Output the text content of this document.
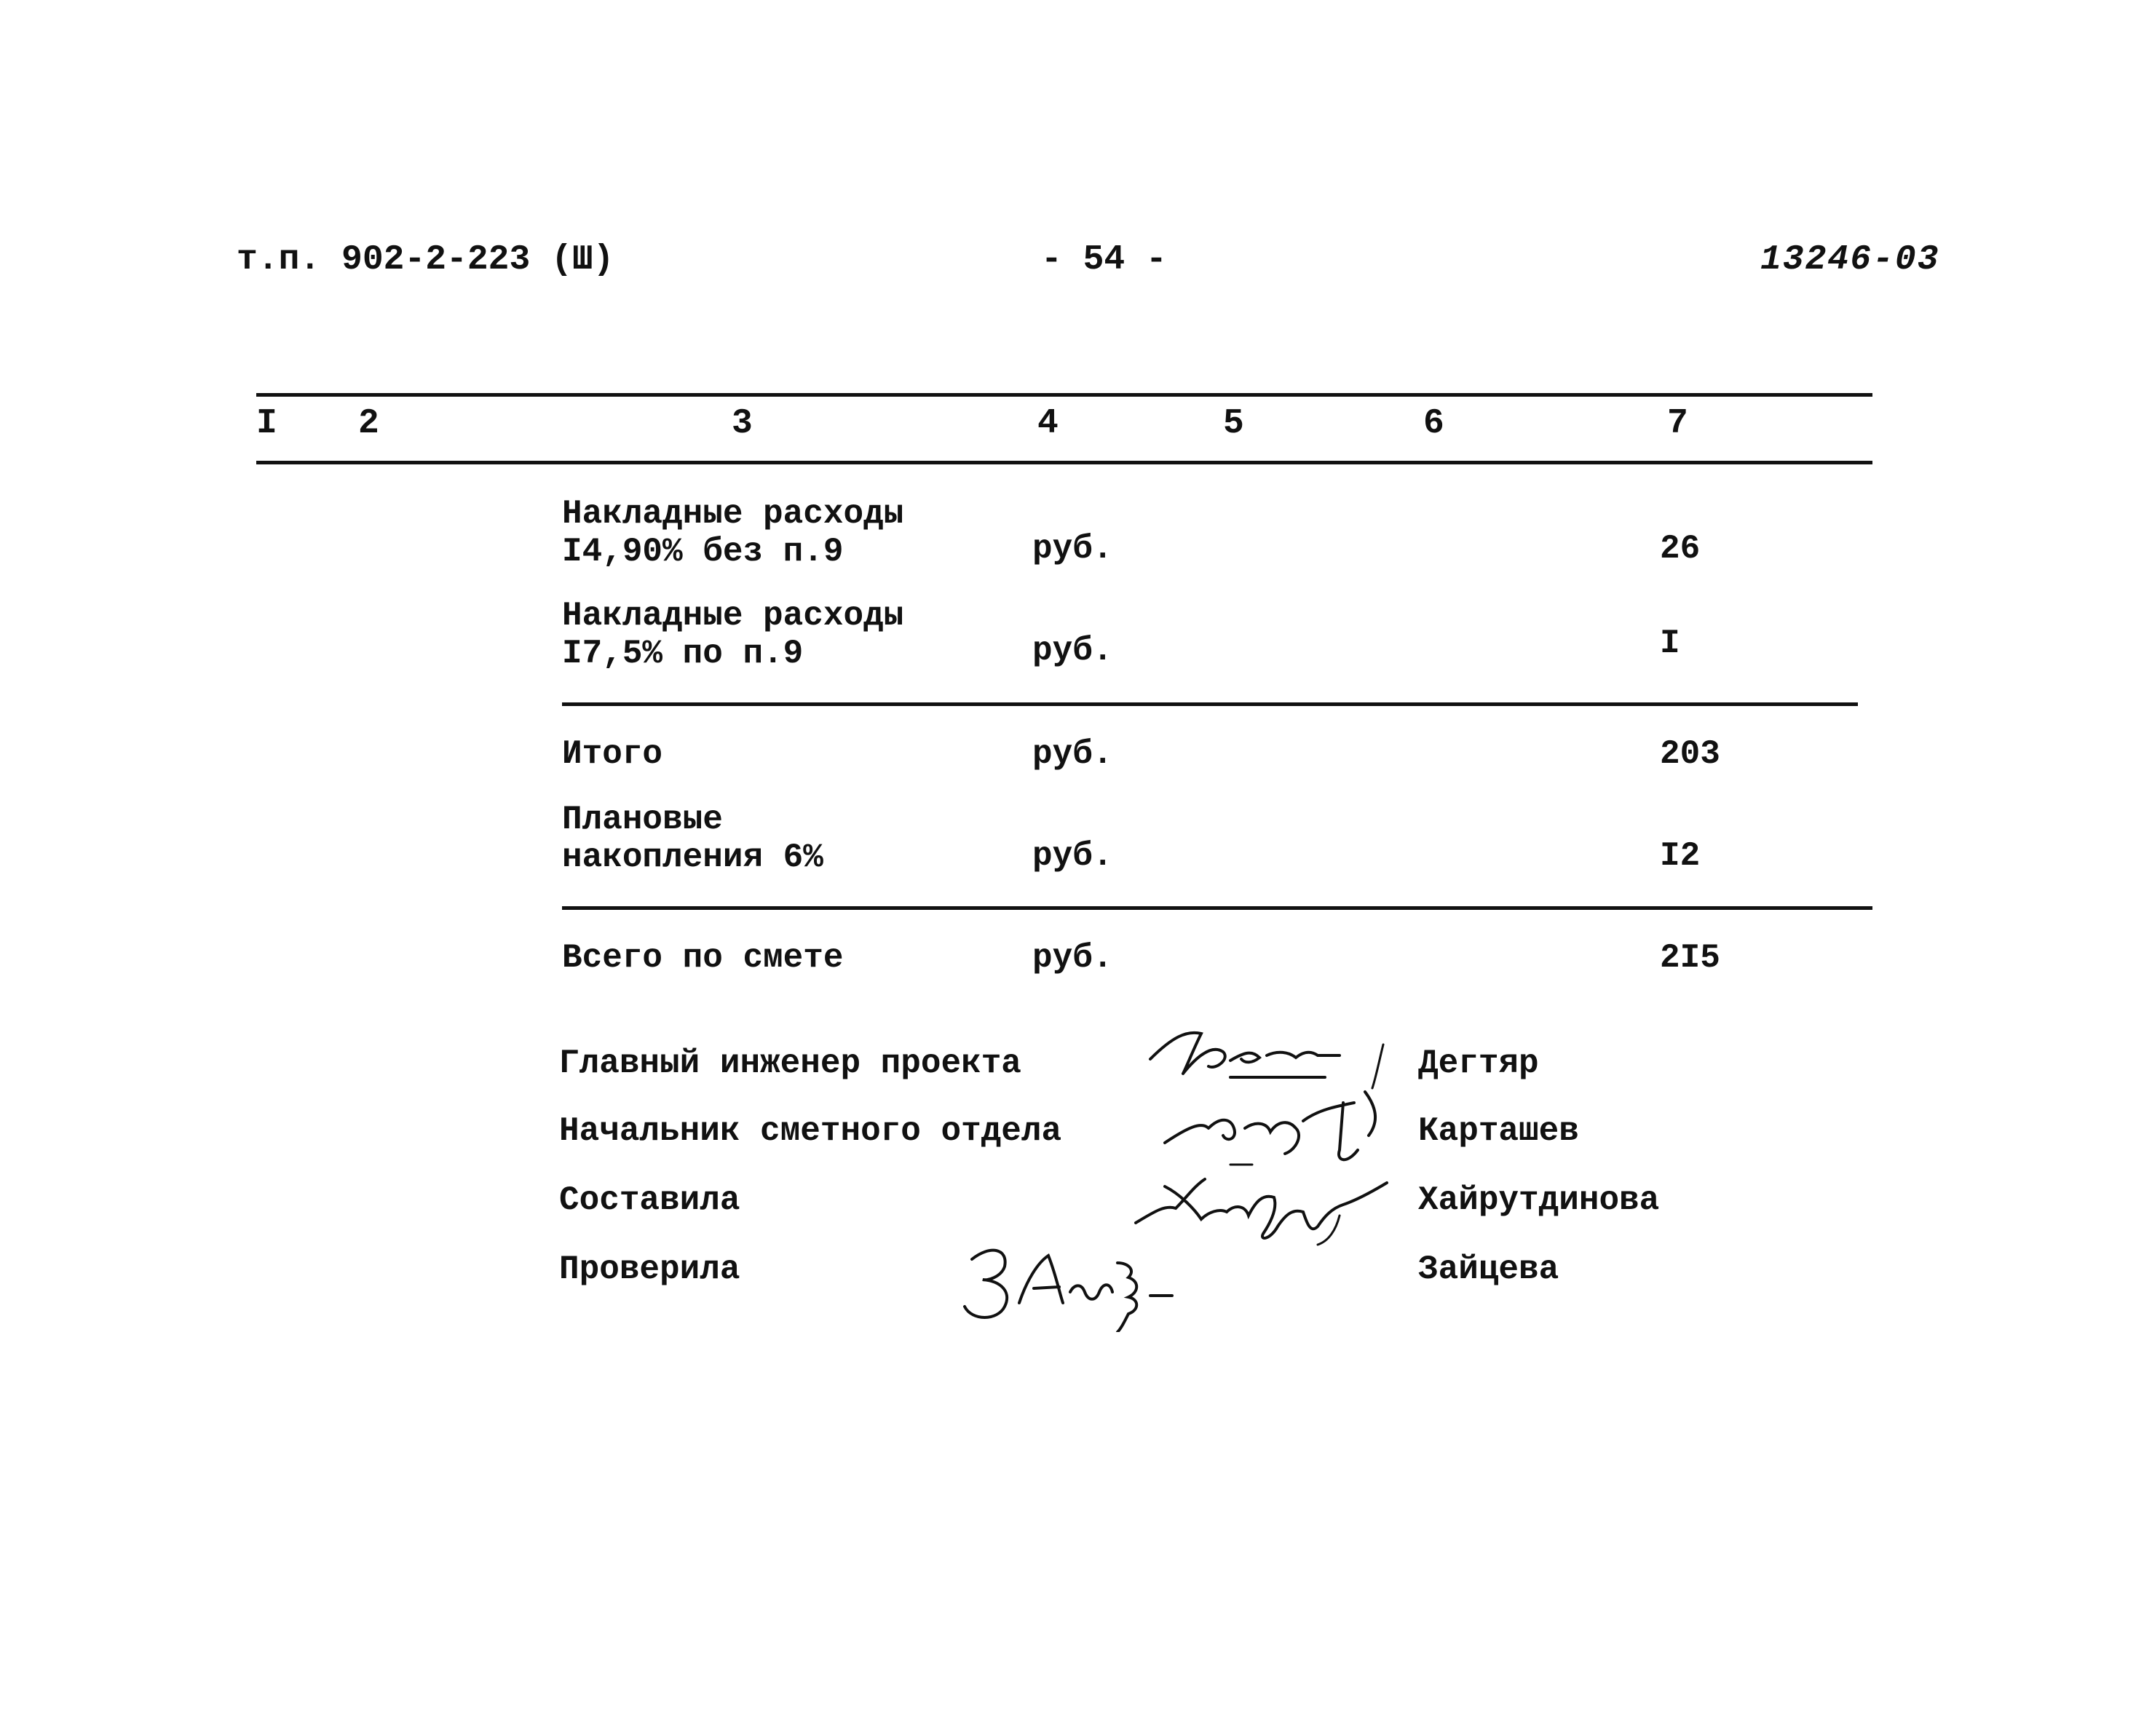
т.п. 902-2-223 (Ш)	- 54 -	13246-03
I 2	3	4	5	6	7
Накладные расходы I4,90% без п.9	руб.	26
Накладные расходы I7,5% по п.9	руб.	I
Итого	руб.	203
Плановые накопления 6%	руб.	I2
Всего по смете	руб.	2I5
Главный инженер проекта	Дегтяр
Начальник сметного отдела	Карташев
Составила	Хайрутдинова
Проверила	Зайцева
